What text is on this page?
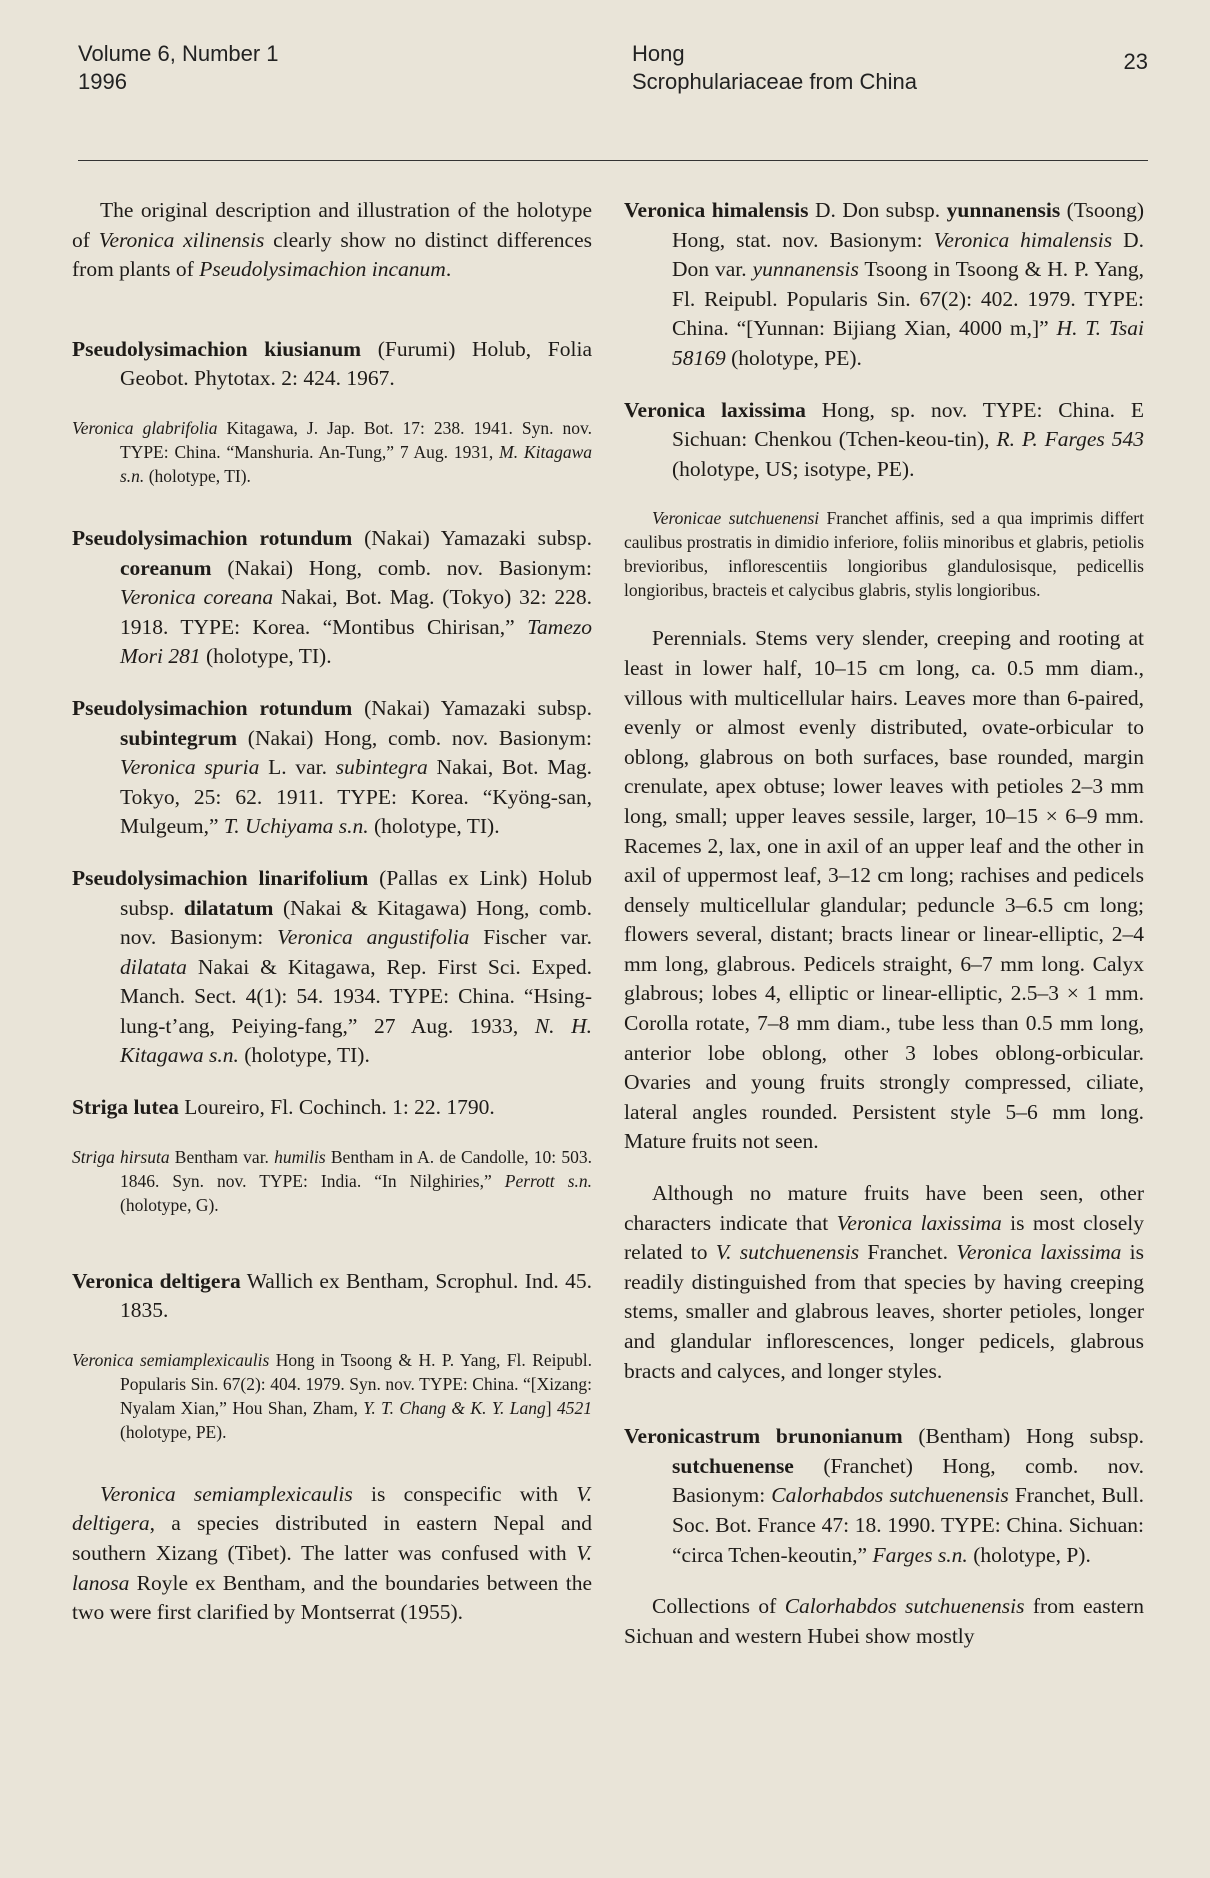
Volume 6, Number 1
1996
Hong
Scrophulariaceae from China
23

The original description and illustration of the holotype of Veronica xilinensis clearly show no distinct differences from plants of Pseudolysimachion incanum.

Pseudolysimachion kiusianum (Furumi) Holub, Folia Geobot. Phytotax. 2: 424. 1967.

Veronica glabrifolia Kitagawa, J. Jap. Bot. 17: 238. 1941. Syn. nov. TYPE: China. “Manshuria. An-Tung,” 7 Aug. 1931, M. Kitagawa s.n. (holotype, TI).

Pseudolysimachion rotundum (Nakai) Yamazaki subsp. coreanum (Nakai) Hong, comb. nov. Basionym: Veronica coreana Nakai, Bot. Mag. (Tokyo) 32: 228. 1918. TYPE: Korea. “Montibus Chirisan,” Tamezo Mori 281 (holotype, TI).

Pseudolysimachion rotundum (Nakai) Yamazaki subsp. subintegrum (Nakai) Hong, comb. nov. Basionym: Veronica spuria L. var. subintegra Nakai, Bot. Mag. Tokyo, 25: 62. 1911. TYPE: Korea. “Kyöng-san, Mulgeum,” T. Uchiyama s.n. (holotype, TI).

Pseudolysimachion linarifolium (Pallas ex Link) Holub subsp. dilatatum (Nakai & Kitagawa) Hong, comb. nov. Basionym: Veronica angustifolia Fischer var. dilatata Nakai & Kitagawa, Rep. First Sci. Exped. Manch. Sect. 4(1): 54. 1934. TYPE: China. “Hsing-lung-t’ang, Peiying-fang,” 27 Aug. 1933, N. H. Kitagawa s.n. (holotype, TI).

Striga lutea Loureiro, Fl. Cochinch. 1: 22. 1790.

Striga hirsuta Bentham var. humilis Bentham in A. de Candolle, 10: 503. 1846. Syn. nov. TYPE: India. “In Nilghiries,” Perrott s.n. (holotype, G).

Veronica deltigera Wallich ex Bentham, Scrophul. Ind. 45. 1835.

Veronica semiamplexicaulis Hong in Tsoong & H. P. Yang, Fl. Reipubl. Popularis Sin. 67(2): 404. 1979. Syn. nov. TYPE: China. “[Xizang: Nyalam Xian,” Hou Shan, Zham, Y. T. Chang & K. Y. Lang] 4521 (holotype, PE).

Veronica semiamplexicaulis is conspecific with V. deltigera, a species distributed in eastern Nepal and southern Xizang (Tibet). The latter was confused with V. lanosa Royle ex Bentham, and the boundaries between the two were first clarified by Montserrat (1955).

Veronica himalensis D. Don subsp. yunnanensis (Tsoong) Hong, stat. nov. Basionym: Veronica himalensis D. Don var. yunnanensis Tsoong in Tsoong & H. P. Yang, Fl. Reipubl. Popularis Sin. 67(2): 402. 1979. TYPE: China. “[Yunnan: Bijiang Xian, 4000 m,]” H. T. Tsai 58169 (holotype, PE).

Veronica laxissima Hong, sp. nov. TYPE: China. E Sichuan: Chenkou (Tchen-keou-tin), R. P. Farges 543 (holotype, US; isotype, PE).

Veronicae sutchuenensi Franchet affinis, sed a qua imprimis differt caulibus prostratis in dimidio inferiore, foliis minoribus et glabris, petiolis brevioribus, inflorescentiis longioribus glandulosisque, pedicellis longioribus, bracteis et calycibus glabris, stylis longioribus.

Perennials. Stems very slender, creeping and rooting at least in lower half, 10–15 cm long, ca. 0.5 mm diam., villous with multicellular hairs. Leaves more than 6-paired, evenly or almost evenly distributed, ovate-orbicular to oblong, glabrous on both surfaces, base rounded, margin crenulate, apex obtuse; lower leaves with petioles 2–3 mm long, small; upper leaves sessile, larger, 10–15 × 6–9 mm. Racemes 2, lax, one in axil of an upper leaf and the other in axil of uppermost leaf, 3–12 cm long; rachises and pedicels densely multicellular glandular; peduncle 3–6.5 cm long; flowers several, distant; bracts linear or linear-elliptic, 2–4 mm long, glabrous. Pedicels straight, 6–7 mm long. Calyx glabrous; lobes 4, elliptic or linear-elliptic, 2.5–3 × 1 mm. Corolla rotate, 7–8 mm diam., tube less than 0.5 mm long, anterior lobe oblong, other 3 lobes oblong-orbicular. Ovaries and young fruits strongly compressed, ciliate, lateral angles rounded. Persistent style 5–6 mm long. Mature fruits not seen.

Although no mature fruits have been seen, other characters indicate that Veronica laxissima is most closely related to V. sutchuenensis Franchet. Veronica laxissima is readily distinguished from that species by having creeping stems, smaller and glabrous leaves, shorter petioles, longer and glandular inflorescences, longer pedicels, glabrous bracts and calyces, and longer styles.

Veronicastrum brunonianum (Bentham) Hong subsp. sutchuenense (Franchet) Hong, comb. nov. Basionym: Calorhabdos sutchuenensis Franchet, Bull. Soc. Bot. France 47: 18. 1990. TYPE: China. Sichuan: “circa Tchen-keoutin,” Farges s.n. (holotype, P).

Collections of Calorhabdos sutchuenensis from eastern Sichuan and western Hubei show mostly
